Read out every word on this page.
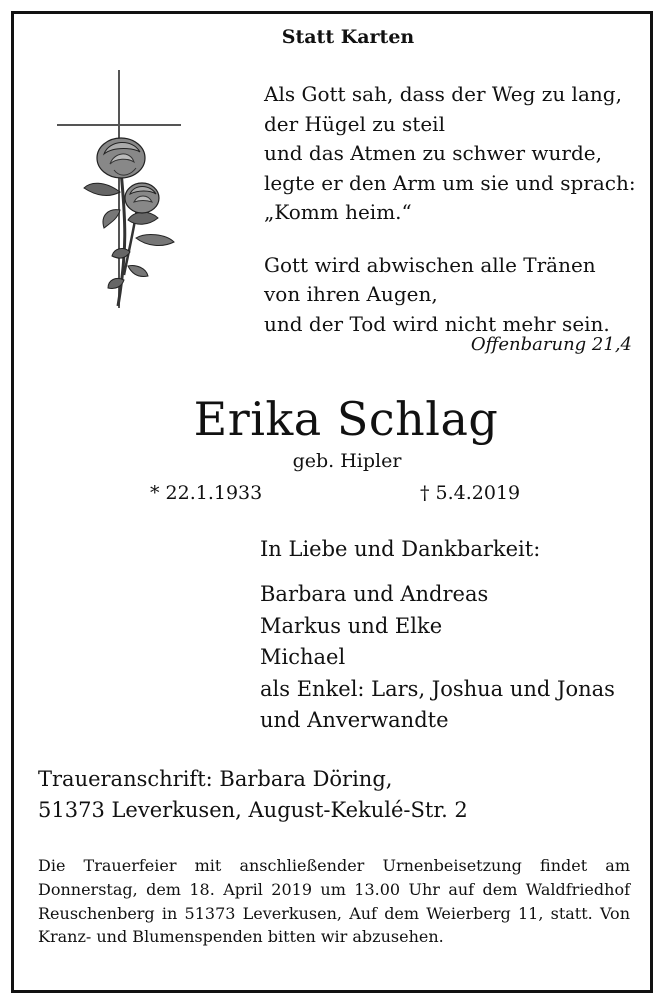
Statt Karten
Als Gott sah, dass der Weg zu lang,
der Hügel zu steil
und das Atmen zu schwer wurde,
legte er den Arm um sie und sprach:
„Komm heim.“
Gott wird abwischen alle Tränen
von ihren Augen,
und der Tod wird nicht mehr sein.
Offenbarung 21,4
Erika Schlag
geb. Hipler
* 22.1.1933	† 5.4.2019
In Liebe und Dankbarkeit:
Barbara und Andreas
Markus und Elke
Michael
als Enkel: Lars, Joshua und Jonas
und Anverwandte
Traueranschrift: Barbara Döring,
51373 Leverkusen, August-Kekulé-Str. 2
Die Trauerfeier mit anschließender Urnenbeisetzung findet am Donnerstag, dem 18. April 2019 um 13.00 Uhr auf dem Waldfriedhof Reuschenberg in 51373 Leverkusen, Auf dem Weierberg 11, statt. Von Kranz- und Blumenspenden bitten wir abzusehen.
